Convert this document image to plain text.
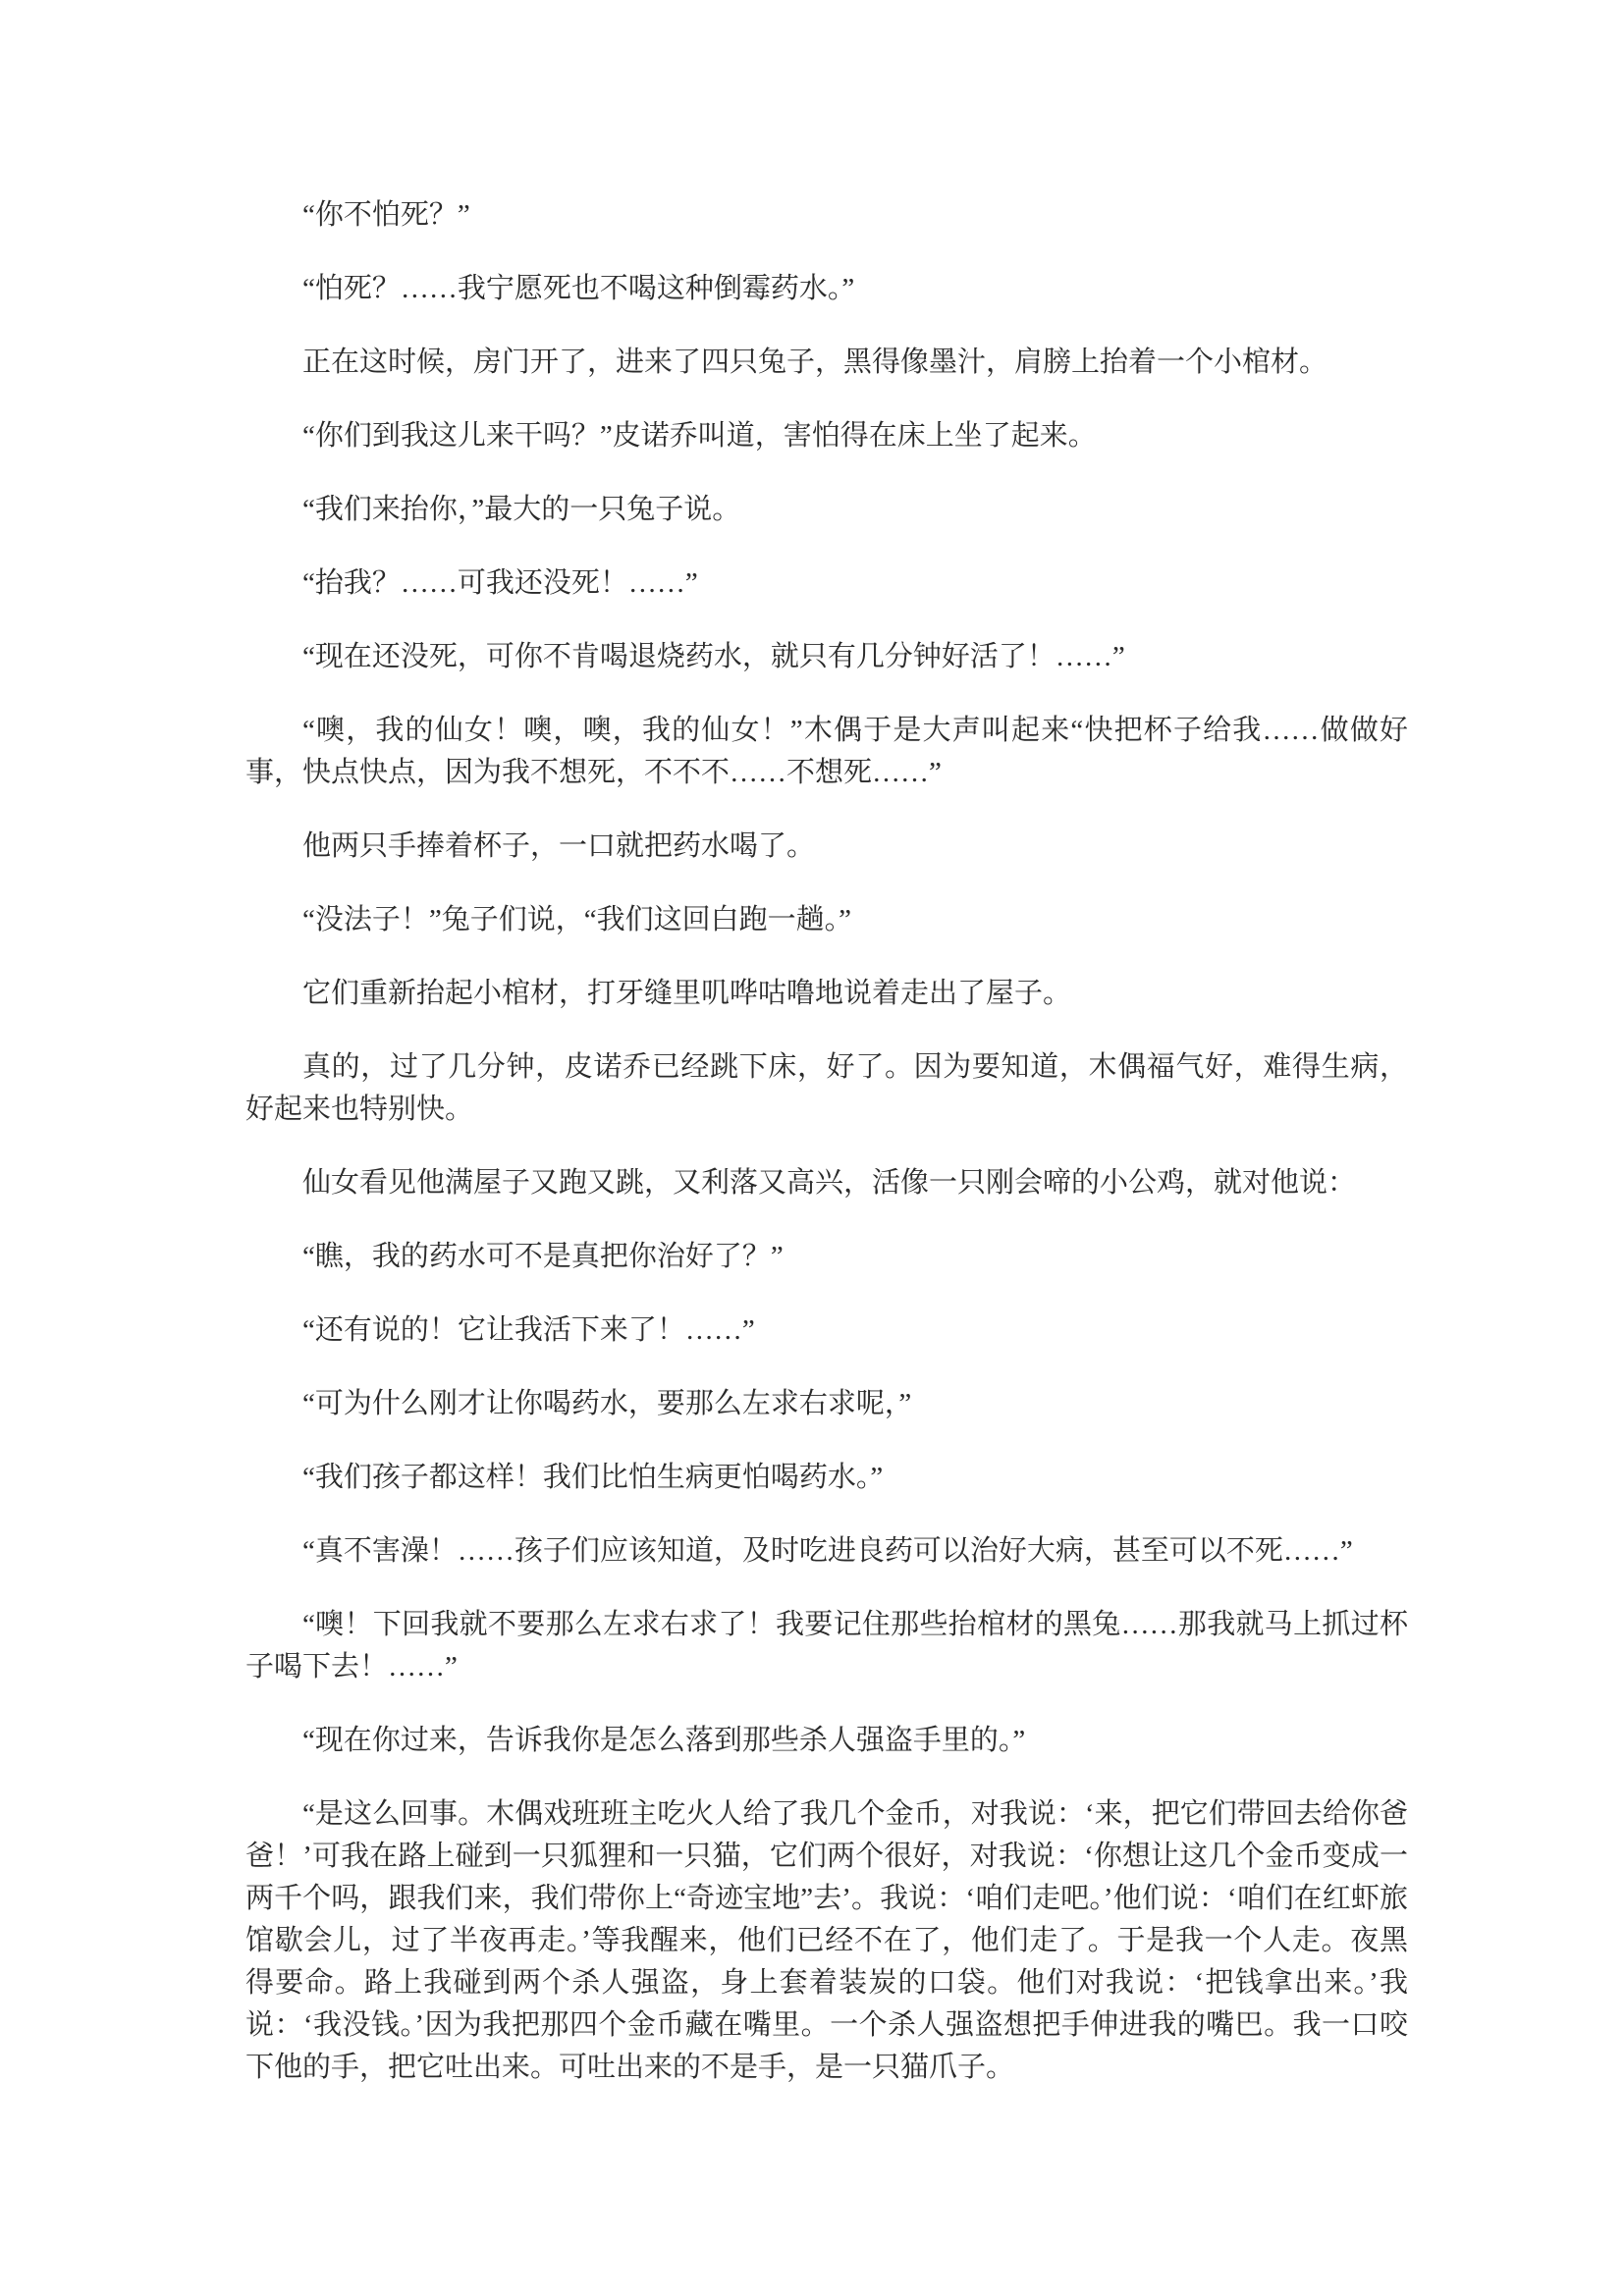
“你不怕死？”

“怕死？……我宁愿死也不喝这种倒霉药水。”

正在这时候，房门开了，进来了四只兔子，黑得像墨汁，肩膀上抬着一个小棺材。

“你们到我这儿来干吗？”皮诺乔叫道，害怕得在床上坐了起来。

“我们来抬你，”最大的一只兔子说。

“抬我？……可我还没死！……”

“现在还没死，可你不肯喝退烧药水，就只有几分钟好活了！……”

“噢，我的仙女！噢，噢，我的仙女！”木偶于是大声叫起来“快把杯子给我……做做好事，快点快点，因为我不想死，不不不……不想死……”

他两只手捧着杯子，一口就把药水喝了。

“没法子！”兔子们说，“我们这回白跑一趟。”

它们重新抬起小棺材，打牙缝里叽哗咕噜地说着走出了屋子。

真的，过了几分钟，皮诺乔已经跳下床，好了。因为要知道，木偶福气好，难得生病，好起来也特别快。

仙女看见他满屋子又跑又跳，又利落又高兴，活像一只刚会啼的小公鸡，就对他说：

“瞧，我的药水可不是真把你治好了？”

“还有说的！它让我活下来了！……”

“可为什么刚才让你喝药水，要那么左求右求呢，”

“我们孩子都这样！我们比怕生病更怕喝药水。”

“真不害澡！……孩子们应该知道，及时吃进良药可以治好大病，甚至可以不死……”

“噢！下回我就不要那么左求右求了！我要记住那些抬棺材的黑兔……那我就马上抓过杯子喝下去！……”

“现在你过来，告诉我你是怎么落到那些杀人强盗手里的。”

“是这么回事。木偶戏班班主吃火人给了我几个金币，对我说：‘来，把它们带回去给你爸爸！’可我在路上碰到一只狐狸和一只猫，它们两个很好，对我说：‘你想让这几个金币变成一两千个吗，跟我们来，我们带你上“奇迹宝地”去’。我说：‘咱们走吧。’他们说：‘咱们在红虾旅馆歇会儿，过了半夜再走。’等我醒来，他们已经不在了，他们走了。于是我一个人走。夜黑得要命。路上我碰到两个杀人强盗，身上套着装炭的口袋。他们对我说：‘把钱拿出来。’我说：‘我没钱。’因为我把那四个金币藏在嘴里。一个杀人强盗想把手伸进我的嘴巴。我一口咬下他的手，把它吐出来。可吐出来的不是手，是一只猫爪子。
